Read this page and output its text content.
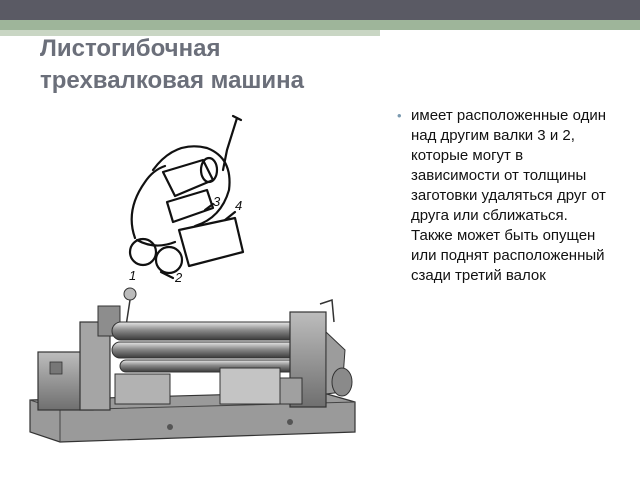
Листогибочная
трехвалковая машина
• имеет расположенные один над другим валки 3 и 2, которые могут в зависимости от толщины заготовки удаляться друг от друга или сближаться. Также может быть опущен или поднят расположенный сзади третий валок
1	2
3 4
